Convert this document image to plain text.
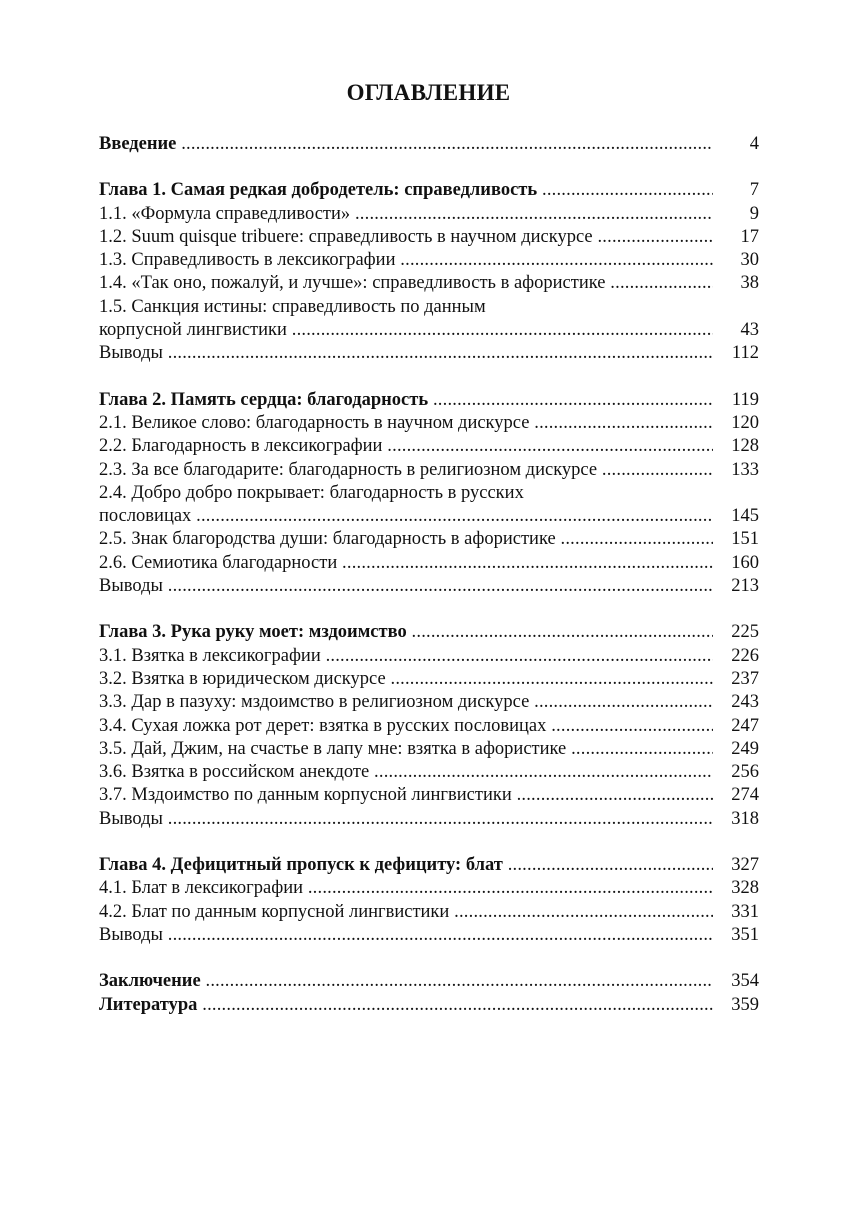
ОГЛАВЛЕНИЕ
Введение .....	4
Глава 1. Самая редкая добродетель: справедливость .....	7
1.1. «Формула справедливости» .....	9
1.2. Suum quisque tribuere: справедливость в научном дискурсе .....	17
1.3. Справедливость в лексикографии .....	30
1.4. «Так оно, пожалуй, и лучше»: справедливость в афористике .....	38
1.5. Санкция истины: справедливость по данным
корпусной лингвистики .....	43
Выводы .....	112
Глава 2. Память сердца: благодарность .....	119
2.1. Великое слово: благодарность в научном дискурсе .....	120
2.2. Благодарность в лексикографии .....	128
2.3. За все благодарите: благодарность в религиозном дискурсе .....	133
2.4. Добро добро покрывает: благодарность в русских
пословицах .....	145
2.5. Знак благородства души: благодарность в афористике .....	151
2.6. Семиотика благодарности .....	160
Выводы .....	213
Глава 3. Рука руку моет: мздоимство .....	225
3.1. Взятка в лексикографии .....	226
3.2. Взятка в юридическом дискурсе .....	237
3.3. Дар в пазуху: мздоимство в религиозном дискурсе .....	243
3.4. Сухая ложка рот дерет: взятка в русских пословицах .....	247
3.5. Дай, Джим, на счастье в лапу мне: взятка в афористике .....	249
3.6. Взятка в российском анекдоте .....	256
3.7. Мздоимство по данным корпусной лингвистики .....	274
Выводы .....	318
Глава 4. Дефицитный пропуск к дефициту: блат .....	327
4.1. Блат в лексикографии .....	328
4.2. Блат по данным корпусной лингвистики .....	331
Выводы .....	351
Заключение .....	354
Литература .....	359
